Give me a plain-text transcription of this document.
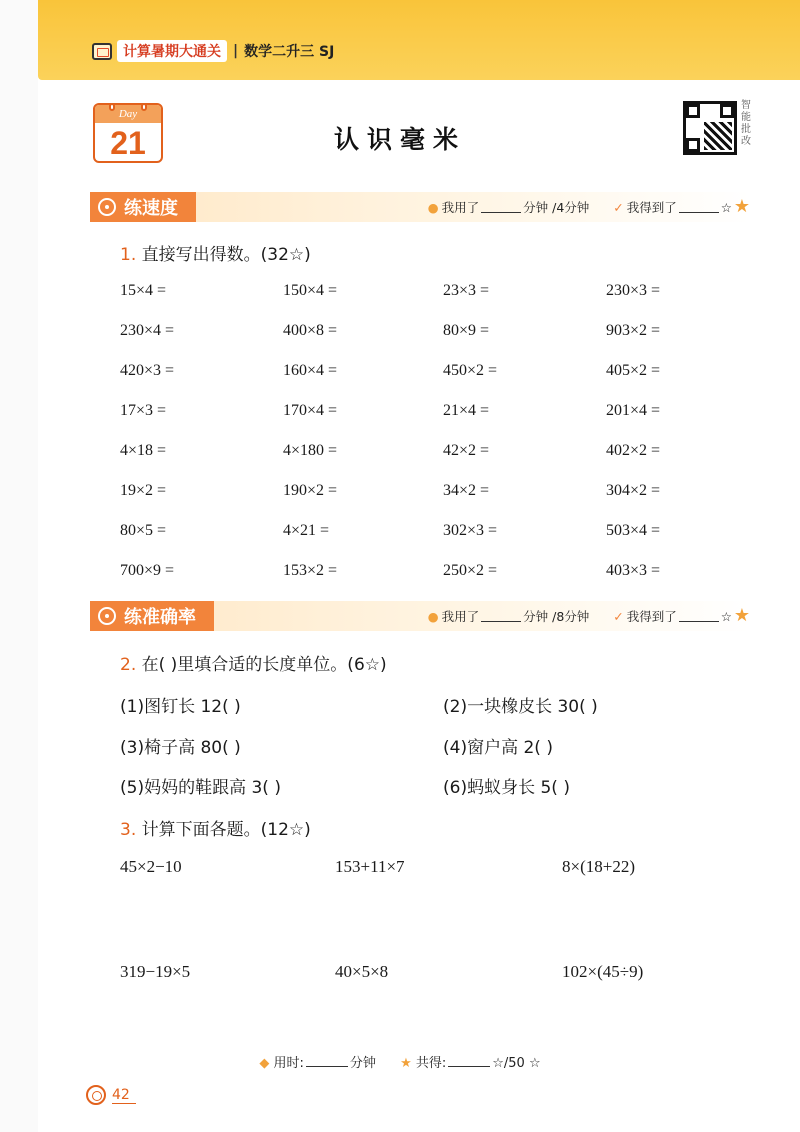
计算暑期大通关 | 数学二升三 SJ
Day
21	认识毫米
智能批改
练速度	● 我用了	分钟 /4分钟 ✓ 我得到了	☆ ★
1. 直接写出得数。(32☆)
15×4 =	150×4 =	23×3 =	230×3 =
230×4 =	400×8 =	80×9 =	903×2 =
420×3 =	160×4 =	450×2 =	405×2 =
17×3 =	170×4 =	21×4 =	201×4 =
4×18 =	4×180 =	42×2 =	402×2 =
19×2 =	190×2 =	34×2 =	304×2 =
80×5 =	4×21 =	302×3 =	503×4 =
700×9 =	153×2 =	250×2 =	403×3 =
练准确率	● 我用了	分钟 /8分钟 ✓ 我得到了	☆ ★
2. 在( )里填合适的长度单位。(6☆)
(1)图钉长 12( )	(2)一块橡皮长 30( )
(3)椅子高 80( )	(4)窗户高 2( )
(5)妈妈的鞋跟高 3( )	(6)蚂蚁身长 5( )
3. 计算下面各题。(12☆)
45×2−10	153+11×7	8×(18+22)
319−19×5	40×5×8	102×(45÷9)
◆ 用时:	分钟 ★ 共得:	☆/50 ☆
42
